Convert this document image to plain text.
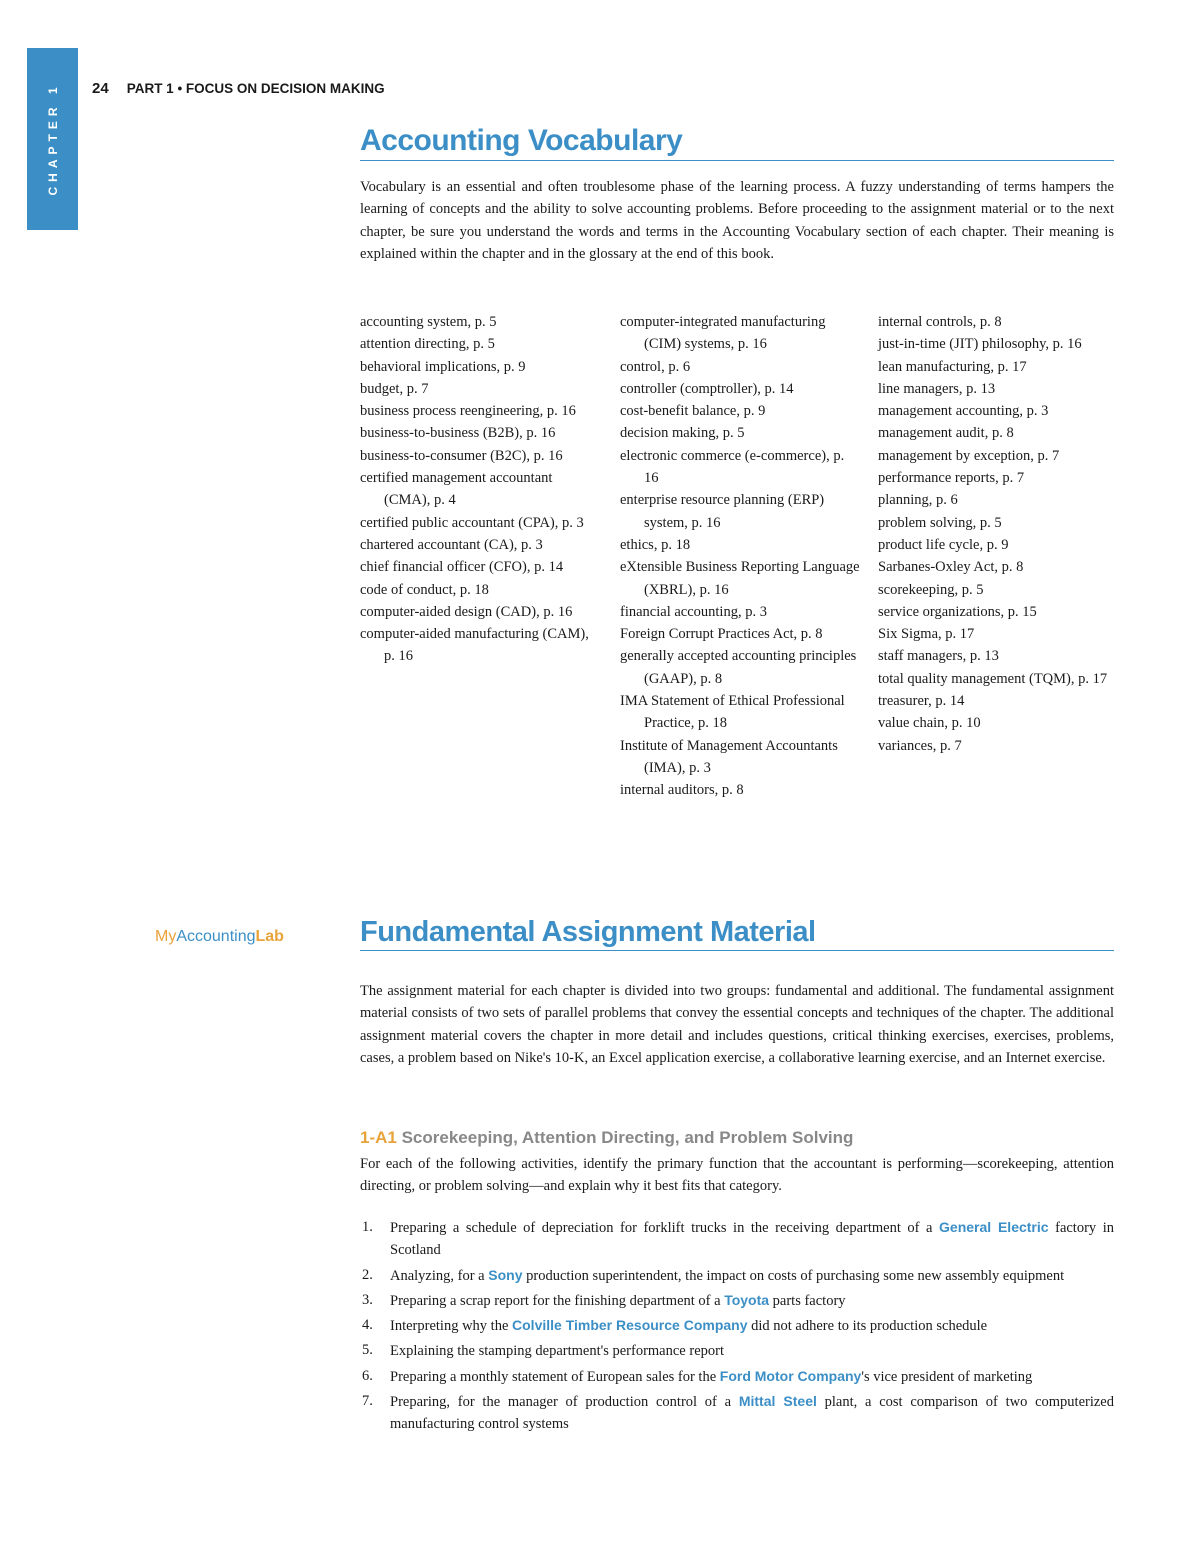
CHAPTER 1 24 PART 1 • FOCUS ON DECISION MAKING
Accounting Vocabulary
Vocabulary is an essential and often troublesome phase of the learning process. A fuzzy understanding of terms hampers the learning of concepts and the ability to solve accounting problems. Before proceeding to the assignment material or to the next chapter, be sure you understand the words and terms in the Accounting Vocabulary section of each chapter. Their meaning is explained within the chapter and in the glossary at the end of this book.
accounting system, p. 5
attention directing, p. 5
behavioral implications, p. 9
budget, p. 7
business process reengineering, p. 16
business-to-business (B2B), p. 16
business-to-consumer (B2C), p. 16
certified management accountant (CMA), p. 4
certified public accountant (CPA), p. 3
chartered accountant (CA), p. 3
chief financial officer (CFO), p. 14
code of conduct, p. 18
computer-aided design (CAD), p. 16
computer-aided manufacturing (CAM), p. 16
computer-integrated manufacturing (CIM) systems, p. 16
control, p. 6
controller (comptroller), p. 14
cost-benefit balance, p. 9
decision making, p. 5
electronic commerce (e-commerce), p. 16
enterprise resource planning (ERP) system, p. 16
ethics, p. 18
eXtensible Business Reporting Language (XBRL), p. 16
financial accounting, p. 3
Foreign Corrupt Practices Act, p. 8
generally accepted accounting principles (GAAP), p. 8
IMA Statement of Ethical Professional Practice, p. 18
Institute of Management Accountants (IMA), p. 3
internal auditors, p. 8
internal controls, p. 8
just-in-time (JIT) philosophy, p. 16
lean manufacturing, p. 17
line managers, p. 13
management accounting, p. 3
management audit, p. 8
management by exception, p. 7
performance reports, p. 7
planning, p. 6
problem solving, p. 5
product life cycle, p. 9
Sarbanes-Oxley Act, p. 8
scorekeeping, p. 5
service organizations, p. 15
Six Sigma, p. 17
staff managers, p. 13
total quality management (TQM), p. 17
treasurer, p. 14
value chain, p. 10
variances, p. 7
MyAccountingLab	Fundamental Assignment Material
The assignment material for each chapter is divided into two groups: fundamental and additional. The fundamental assignment material consists of two sets of parallel problems that convey the essential concepts and techniques of the chapter. The additional assignment material covers the chapter in more detail and includes questions, critical thinking exercises, exercises, problems, cases, a problem based on Nike's 10-K, an Excel application exercise, a collaborative learning exercise, and an Internet exercise.
1-A1 Scorekeeping, Attention Directing, and Problem Solving
For each of the following activities, identify the primary function that the accountant is performing—scorekeeping, attention directing, or problem solving—and explain why it best fits that category.
1.	Preparing a schedule of depreciation for forklift trucks in the receiving department of a General Electric factory in Scotland
2.	Analyzing, for a Sony production superintendent, the impact on costs of purchasing some new assembly equipment
3.	Preparing a scrap report for the finishing department of a Toyota parts factory
4.	Interpreting why the Colville Timber Resource Company did not adhere to its production schedule
5.	Explaining the stamping department's performance report
6.	Preparing a monthly statement of European sales for the Ford Motor Company's vice president of marketing
7.	Preparing, for the manager of production control of a Mittal Steel plant, a cost comparison of two computerized manufacturing control systems
